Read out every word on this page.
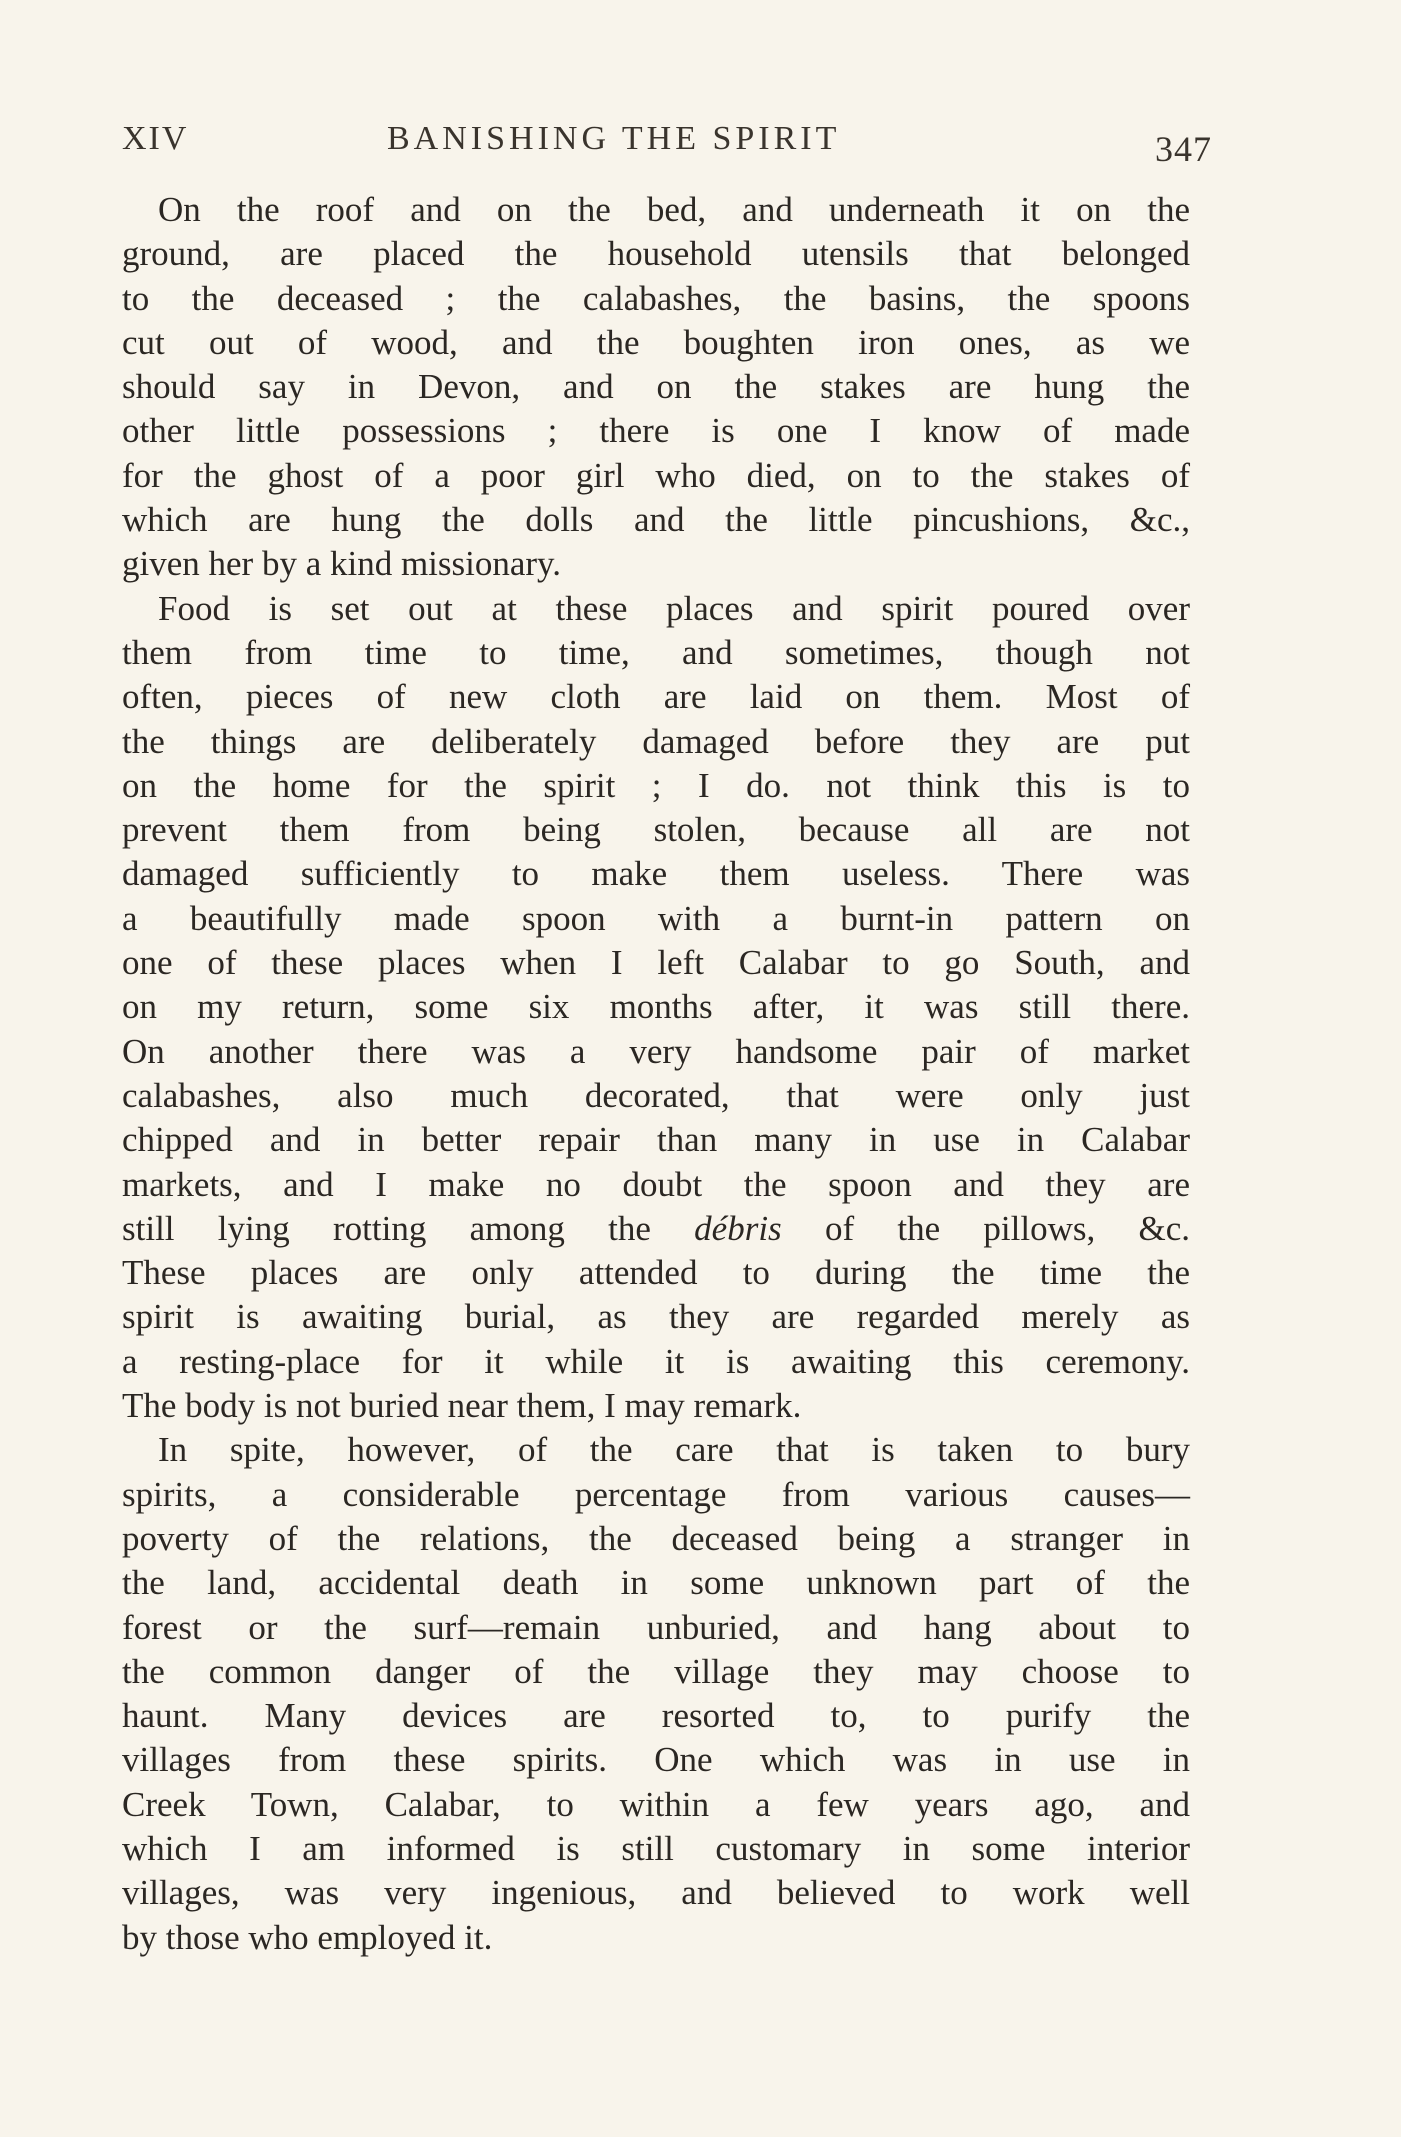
XIV	BANISHING THE SPIRIT	347
On the roof and on the bed, and underneath it on the
ground, are placed the household utensils that belonged
to the deceased ; the calabashes, the basins, the spoons
cut out of wood, and the boughten iron ones, as we
should say in Devon, and on the stakes are hung the
other little possessions ; there is one I know of made
for the ghost of a poor girl who died, on to the stakes of
which are hung the dolls and the little pincushions, &c.,
given her by a kind missionary.
Food is set out at these places and spirit poured over
them from time to time, and sometimes, though not
often, pieces of new cloth are laid on them. Most of
the things are deliberately damaged before they are put
on the home for the spirit ; I do. not think this is to
prevent them from being stolen, because all are not
damaged sufficiently to make them useless. There was
a beautifully made spoon with a burnt-in pattern on
one of these places when I left Calabar to go South, and
on my return, some six months after, it was still there.
On another there was a very handsome pair of market
calabashes, also much decorated, that were only just
chipped and in better repair than many in use in Calabar
markets, and I make no doubt the spoon and they are
still lying rotting among the débris of the pillows, &c.
These places are only attended to during the time the
spirit is awaiting burial, as they are regarded merely as
a resting-place for it while it is awaiting this ceremony.
The body is not buried near them, I may remark.
In spite, however, of the care that is taken to bury
spirits, a considerable percentage from various causes—
poverty of the relations, the deceased being a stranger in
the land, accidental death in some unknown part of the
forest or the surf—remain unburied, and hang about to
the common danger of the village they may choose to
haunt. Many devices are resorted to, to purify the
villages from these spirits. One which was in use in
Creek Town, Calabar, to within a few years ago, and
which I am informed is still customary in some interior
villages, was very ingenious, and believed to work well
by those who employed it.
